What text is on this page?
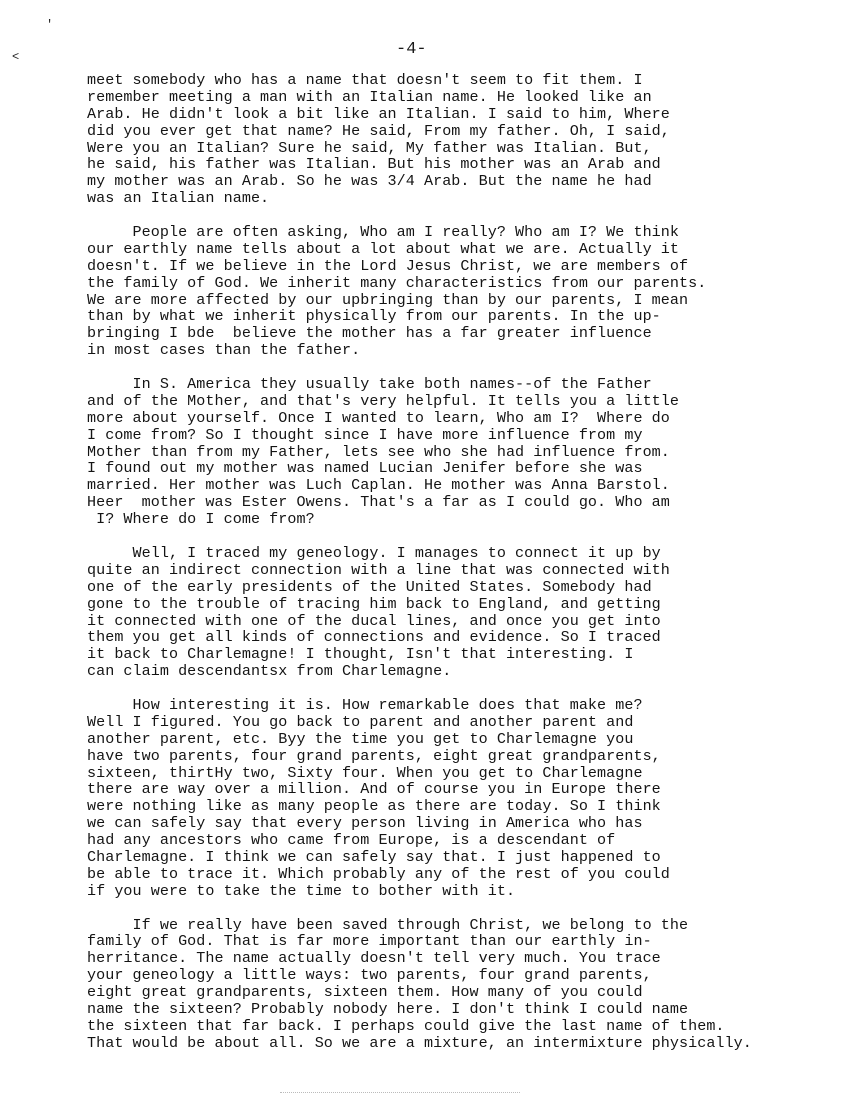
'
<	-4-
meet somebody who has a name that doesn't seem to fit them. I
remember meeting a man with an Italian name. He looked like an
Arab. He didn't look a bit like an Italian. I said to him, Where
did you ever get that name? He said, From my father. Oh, I said,
Were you an Italian? Sure he said, My father was Italian. But,
he said, his father was Italian. But his mother was an Arab and
my mother was an Arab. So he was 3/4 Arab. But the name he had
was an Italian name.
People are often asking, Who am I really? Who am I? We think
our earthly name tells about a lot about what we are. Actually it
doesn't. If we believe in the Lord Jesus Christ, we are members of
the family of God. We inherit many characteristics from our parents.
We are more affected by our upbringing than by our parents, I mean
than by what we inherit physically from our parents. In the up-
bringing I bde  believe the mother has a far greater influence
in most cases than the father.
In S. America they usually take both names--of the Father
and of the Mother, and that's very helpful. It tells you a little
more about yourself. Once I wanted to learn, Who am I?  Where do
I come from? So I thought since I have more influence from my
Mother than from my Father, lets see who she had influence from.
I found out my mother was named Lucian Jenifer before she was
married. Her mother was Luch Caplan. He mother was Anna Barstol.
Heer  mother was Ester Owens. That's a far as I could go. Who am
I? Where do I come from?
Well, I traced my geneology. I manages to connect it up by
quite an indirect connection with a line that was connected with
one of the early presidents of the United States. Somebody had
gone to the trouble of tracing him back to England, and getting
it connected with one of the ducal lines, and once you get into
them you get all kinds of connections and evidence. So I traced
it back to Charlemagne! I thought, Isn't that interesting. I
can claim descendantsx from Charlemagne.
How interesting it is. How remarkable does that make me?
Well I figured. You go back to parent and another parent and
another parent, etc. Byy the time you get to Charlemagne you
have two parents, four grand parents, eight great grandparents,
sixteen, thirtHy two, Sixty four. When you get to Charlemagne
there are way over a million. And of course you in Europe there
were nothing like as many people as there are today. So I think
we can safely say that every person living in America who has
had any ancestors who came from Europe, is a descendant of
Charlemagne. I think we can safely say that. I just happened to
be able to trace it. Which probably any of the rest of you could
if you were to take the time to bother with it.
If we really have been saved through Christ, we belong to the
family of God. That is far more important than our earthly in-
herritance. The name actually doesn't tell very much. You trace
your geneology a little ways: two parents, four grand parents,
eight great grandparents, sixteen them. How many of you could
name the sixteen? Probably nobody here. I don't think I could name
the sixteen that far back. I perhaps could give the last name of them.
That would be about all. So we are a mixture, an intermixture physically.
